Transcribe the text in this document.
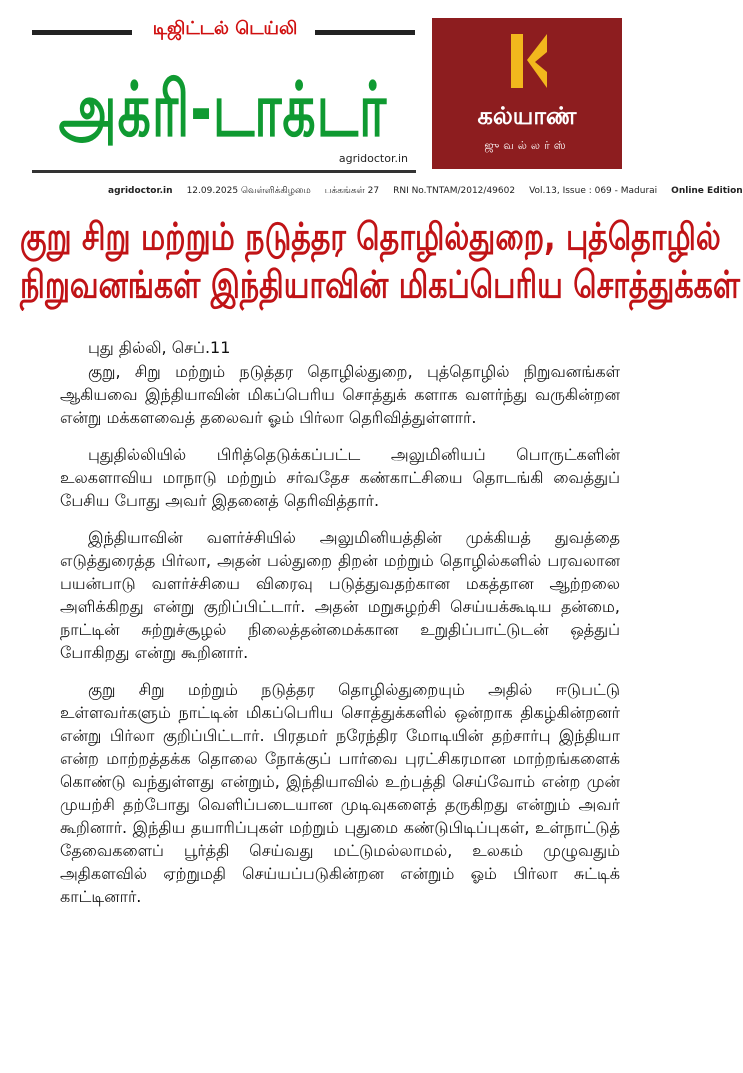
டிஜிட்டல் டெய்லி
அக்ரி-டாக்டர்
agridoctor.in
கல்யாண்
ஜுவல்லர்ஸ்
agridoctor.in 12.09.2025 வெள்ளிக்கிழமை பக்கங்கள் 27 RNI No.TNTAM/2012/49602 Vol.13, Issue : 069 - Madurai Online Edition
குறு சிறு மற்றும் நடுத்தர தொழில்துறை, புத்தொழில்
நிறுவனங்கள் இந்தியாவின் மிகப்பெரிய சொத்துக்கள்
புது தில்லி, செப்.11

குறு, சிறு மற்றும் நடுத்தர தொழில்துறை, புத்தொழில் நிறுவனங்கள் ஆகியவை இந்தியாவின் மிகப்பெரிய சொத்துக் களாக வளர்ந்து வருகின்றன என்று மக்களவைத் தலைவர் ஓம் பிர்லா தெரிவித்துள்ளார்.

புதுதில்லியில் பிரித்தெடுக்கப்பட்ட அலுமினியப் பொருட்களின் உலகளாவிய மாநாடு மற்றும் சர்வதேச கண்காட்சியை தொடங்கி வைத்துப் பேசிய போது அவர் இதனைத் தெரிவித்தார்.

இந்தியாவின் வளர்ச்சியில் அலுமினியத்தின் முக்கியத் துவத்தை எடுத்துரைத்த பிர்லா, அதன் பல்துறை திறன் மற்றும் தொழில்களில் பரவலான பயன்பாடு வளர்ச்சியை விரைவு படுத்துவதற்கான மகத்தான ஆற்றலை அளிக்கிறது என்று குறிப்பிட்டார். அதன் மறுசுழற்சி செய்யக்கூடிய தன்மை, நாட்டின் சுற்றுச்சூழல் நிலைத்தன்மைக்கான உறுதிப்பாட்டுடன் ஒத்துப் போகிறது என்று கூறினார்.

குறு சிறு மற்றும் நடுத்தர தொழில்துறையும் அதில் ஈடுபட்டு உள்ளவர்களும் நாட்டின் மிகப்பெரிய சொத்துக்களில் ஒன்றாக திகழ்கின்றனர் என்று பிர்லா குறிப்பிட்டார். பிரதமர் நரேந்திர மோடியின் தற்சார்பு இந்தியா என்ற மாற்றத்தக்க தொலை நோக்குப் பார்வை புரட்சிகரமான மாற்றங்களைக் கொண்டு வந்துள்ளது என்றும், இந்தியாவில் உற்பத்தி செய்வோம் என்ற முன் முயற்சி தற்போது வெளிப்படையான முடிவுகளைத் தருகிறது என்றும் அவர் கூறினார். இந்திய தயாரிப்புகள் மற்றும் புதுமை கண்டுபிடிப்புகள், உள்நாட்டுத் தேவைகளைப் பூர்த்தி செய்வது மட்டுமல்லாமல், உலகம் முழுவதும் அதிகளவில் ஏற்றுமதி செய்யப்படுகின்றன என்றும் ஓம் பிர்லா சுட்டிக் காட்டினார்.
